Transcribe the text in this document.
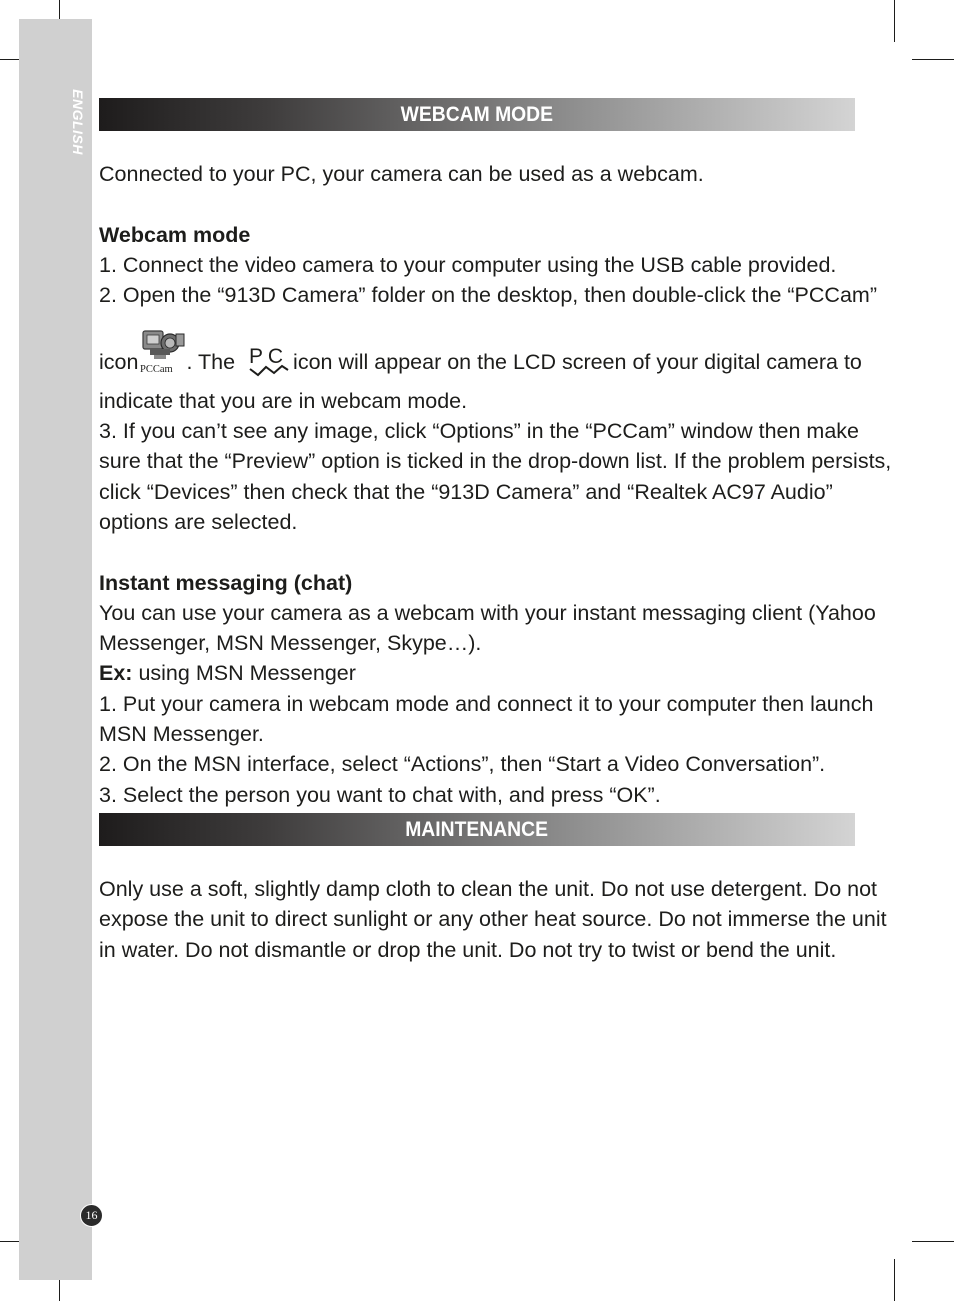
ENGLISH
16
WEBCAM MODE

Connected to your PC, your camera can be used as a webcam.

Webcam mode

1. Connect the video camera to your computer using the USB cable provided.

2. Open the “913D Camera” folder on the desktop, then double-click the “PCCam”

icon PCCam . The PC icon will appear on the LCD screen of your digital camera to

indicate that you are in webcam mode.

3. If you can’t see any image, click “Options” in the “PCCam” window then make

sure that the “Preview” option is ticked in the drop-down list. If the problem persists,

click “Devices” then check that the “913D Camera” and “Realtek AC97 Audio”

options are selected.

Instant messaging (chat)

You can use your camera as a webcam with your instant messaging client (Yahoo

Messenger, MSN Messenger, Skype…).

Ex: using MSN Messenger

1. Put your camera in webcam mode and connect it to your computer then launch

MSN Messenger.

2. On the MSN interface, select “Actions”, then “Start a Video Conversation”.

3. Select the person you want to chat with, and press “OK”.

MAINTENANCE

Only use a soft, slightly damp cloth to clean the unit. Do not use detergent. Do not

expose the unit to direct sunlight or any other heat source. Do not immerse the unit

in water. Do not dismantle or drop the unit. Do not try to twist or bend the unit.
